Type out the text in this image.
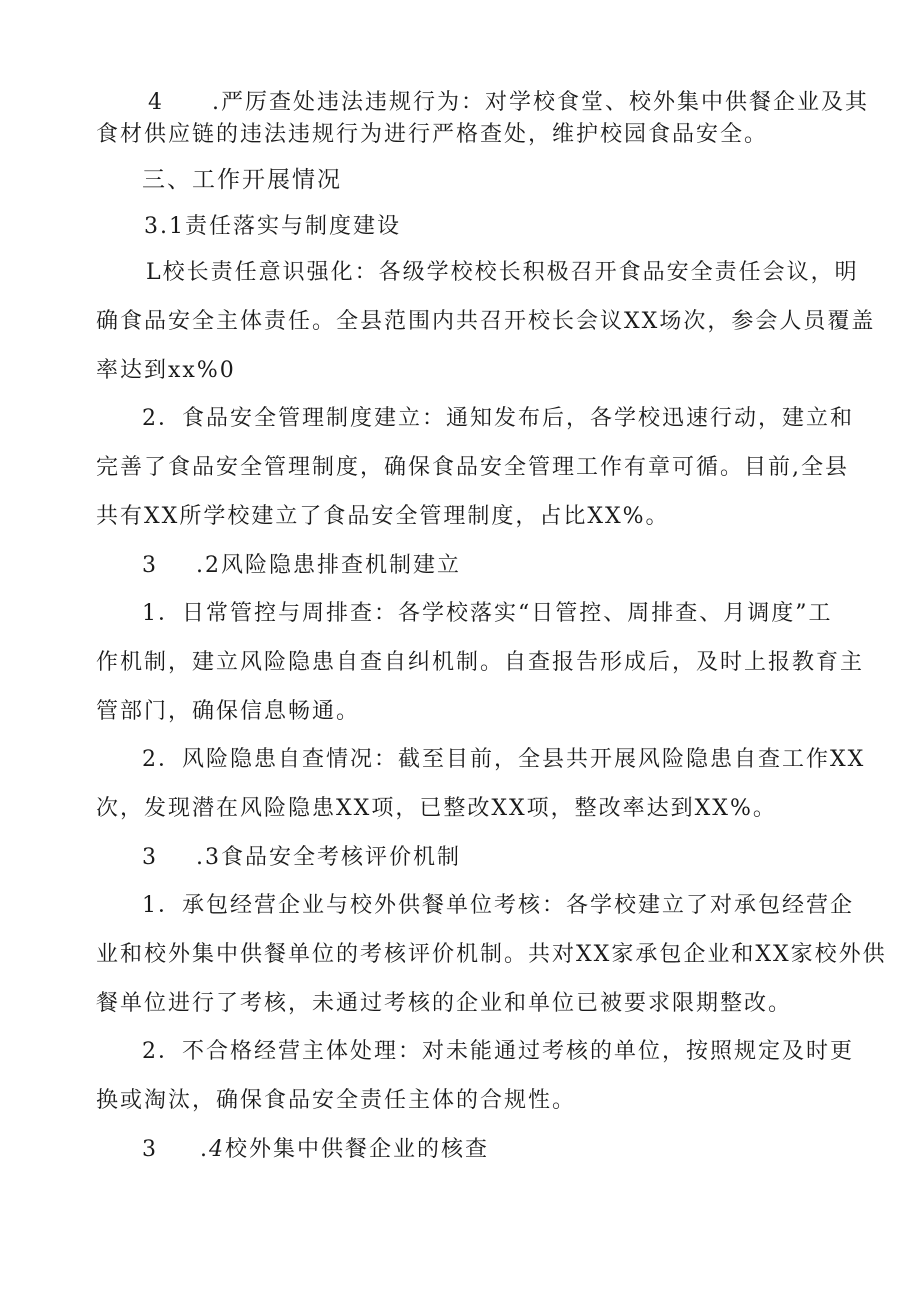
4　　.严厉查处违法违规行为：对学校食堂、校外集中供餐企业及其
食材供应链的违法违规行为进行严格查处，维护校园食品安全。
三、工作开展情况
3.1责任落实与制度建设
L校长责任意识强化：各级学校校长积极召开食品安全责任会议，明
确食品安全主体责任。全县范围内共召开校长会议XX场次，参会人员覆盖
率达到xx%0
2．食品安全管理制度建立：通知发布后，各学校迅速行动，建立和
完善了食品安全管理制度，确保食品安全管理工作有章可循。目前,全县
共有XX所学校建立了食品安全管理制度，占比XX%。
3 .2风险隐患排查机制建立
1．日常管控与周排查：各学校落实“日管控、周排查、月调度”工
作机制，建立风险隐患自查自纠机制。自查报告形成后，及时上报教育主
管部门，确保信息畅通。
2．风险隐患自查情况：截至目前，全县共开展风险隐患自查工作XX
次，发现潜在风险隐患XX项，已整改XX项，整改率达到XX%。
3 .3食品安全考核评价机制
1．承包经营企业与校外供餐单位考核：各学校建立了对承包经营企
业和校外集中供餐单位的考核评价机制。共对XX家承包企业和XX家校外供
餐单位进行了考核，未通过考核的企业和单位已被要求限期整改。
2．不合格经营主体处理：对未能通过考核的单位，按照规定及时更
换或淘汰，确保食品安全责任主体的合规性。
3 .4校外集中供餐企业的核查
